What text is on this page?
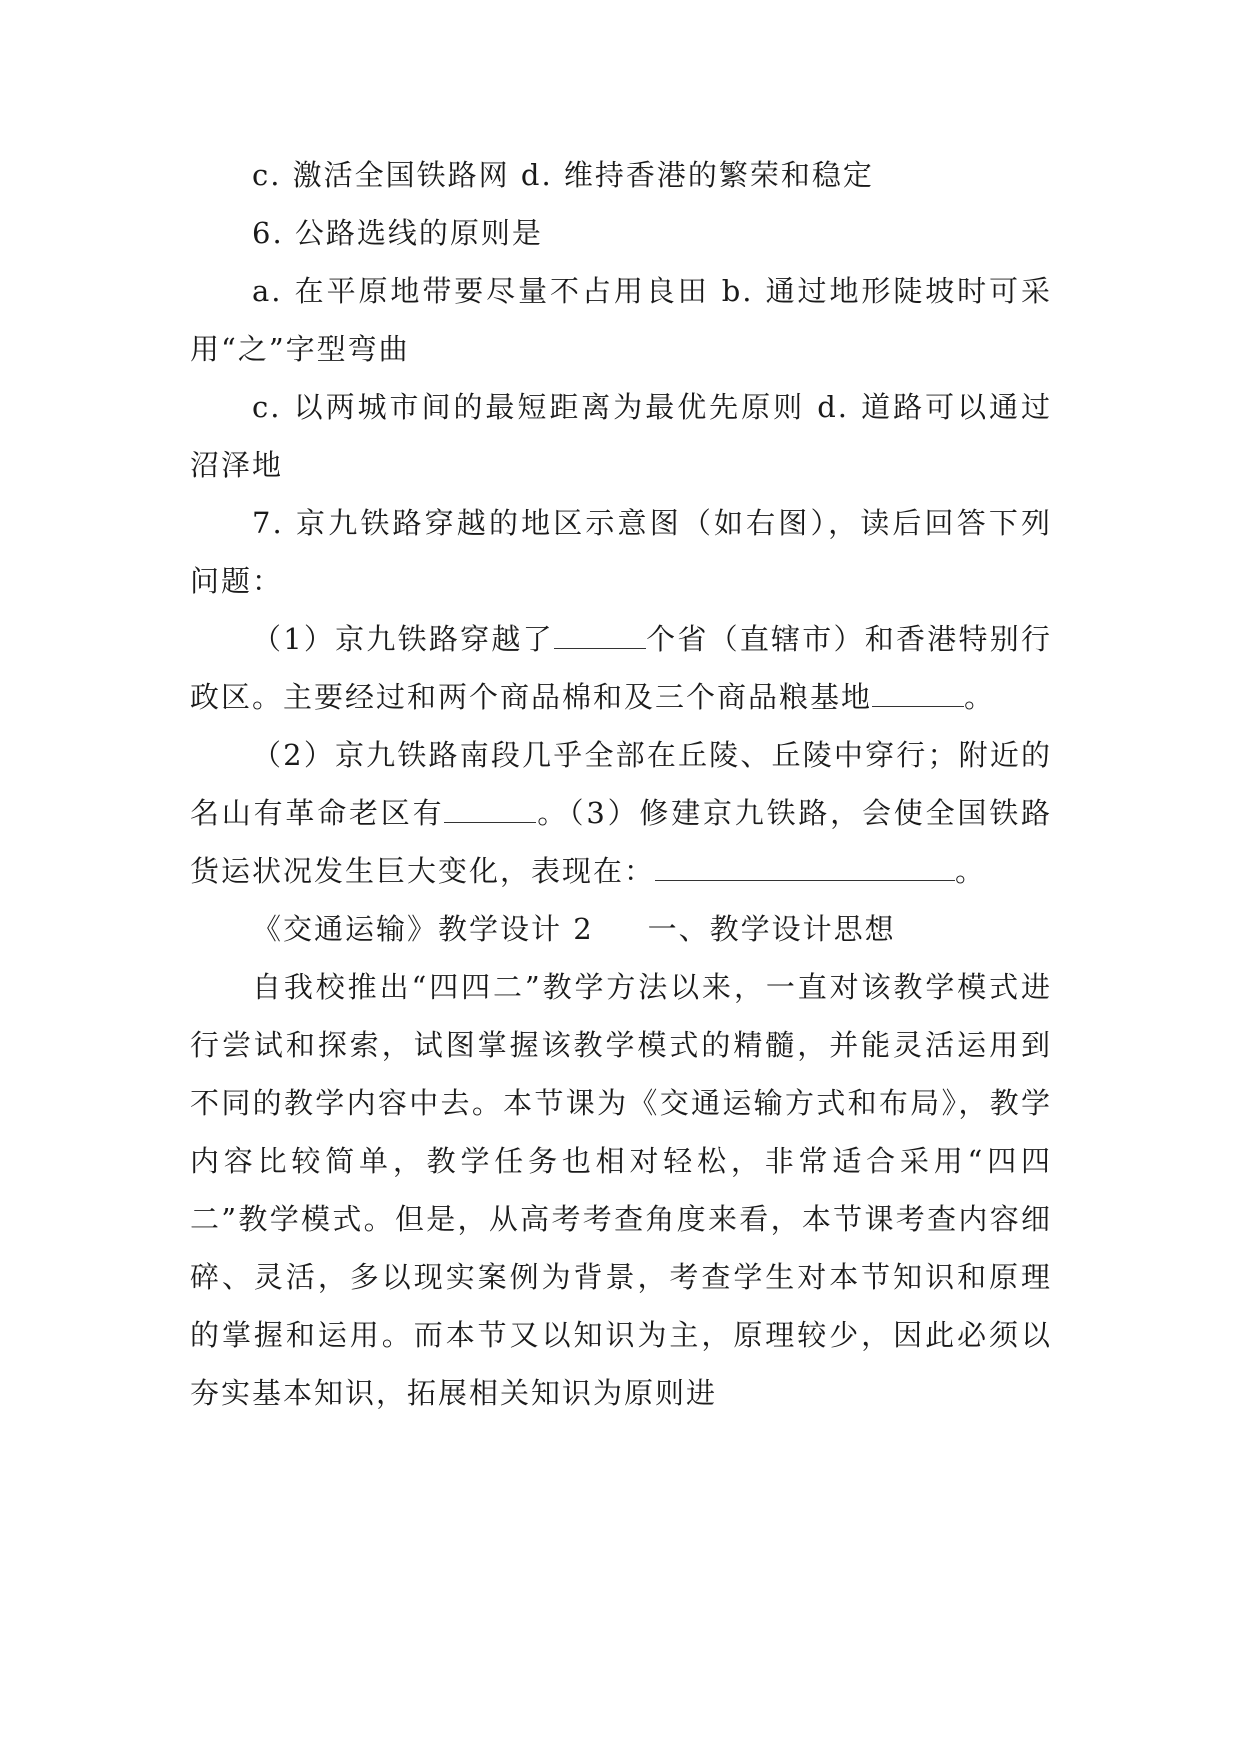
c. 激活全国铁路网 d. 维持香港的繁荣和稳定

6. 公路选线的原则是

a. 在平原地带要尽量不占用良田 b. 通过地形陡坡时可采用“之”字型弯曲

c. 以两城市间的最短距离为最优先原则 d. 道路可以通过沼泽地

7. 京九铁路穿越的地区示意图（如右图），读后回答下列问题：

（1）京九铁路穿越了	个省（直辖市）和香港特别行政区。主要经过和两个商品棉和及三个商品粮基地	。

（2）京九铁路南段几乎全部在丘陵、丘陵中穿行；附近的名山有革命老区有	。（3）修建京九铁路，会使全国铁路货运状况发生巨大变化，表现在：	。

《交通运输》教学设计 2 一、教学设计思想

自我校推出“四四二”教学方法以来，一直对该教学模式进行尝试和探索，试图掌握该教学模式的精髓，并能灵活运用到不同的教学内容中去。本节课为《交通运输方式和布局》，教学内容比较简单，教学任务也相对轻松，非常适合采用“四四二”教学模式。但是，从高考考查角度来看，本节课考查内容细碎、灵活，多以现实案例为背景，考查学生对本节知识和原理的掌握和运用。而本节又以知识为主，原理较少，因此必须以夯实基本知识，拓展相关知识为原则进
